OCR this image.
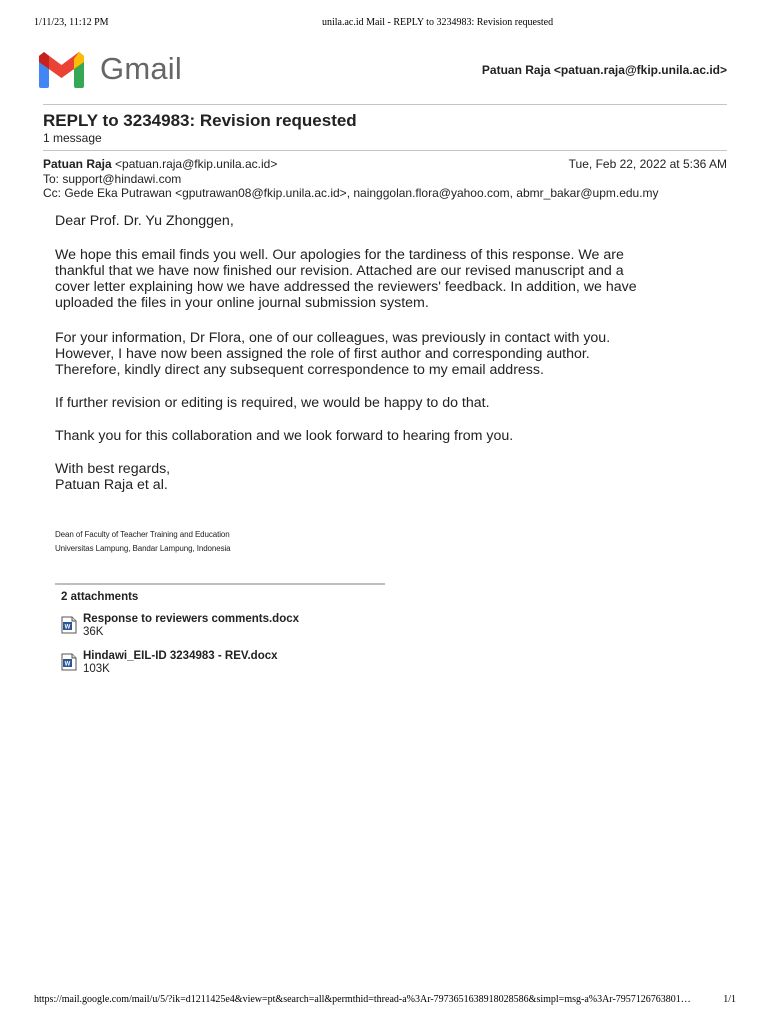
1/11/23, 11:12 PM	unila.ac.id Mail - REPLY to 3234983: Revision requested
Gmail	Patuan Raja <patuan.raja@fkip.unila.ac.id>
REPLY to 3234983: Revision requested
1 message
Patuan Raja <patuan.raja@fkip.unila.ac.id>	Tue, Feb 22, 2022 at 5:36 AM
To: support@hindawi.com
Cc: Gede Eka Putrawan <gputrawan08@fkip.unila.ac.id>, nainggolan.flora@yahoo.com, abmr_bakar@upm.edu.my

Dear Prof. Dr. Yu Zhonggen,

We hope this email finds you well. Our apologies for the tardiness of this response. We are

thankful that we have now finished our revision. Attached are our revised manuscript and a

cover letter explaining how we have addressed the reviewers' feedback. In addition, we have

uploaded the files in your online journal submission system.

For your information, Dr Flora, one of our colleagues, was previously in contact with you.

However, I have now been assigned the role of first author and corresponding author.

Therefore, kindly direct any subsequent correspondence to my email address.

If further revision or editing is required, we would be happy to do that.

Thank you for this collaboration and we look forward to hearing from you.

With best regards,

Patuan Raja et al.

Dean of Faculty of Teacher Training and Education
Universitas Lampung, Bandar Lampung, Indonesia
2 attachments
W
Response to reviewers comments.docx
36K
W
Hindawi_EIL-ID 3234983 - REV.docx
103K
https://mail.google.com/mail/u/5/?ik=d1211425e4&view=pt&search=all&permthid=thread-a%3Ar-7973651638918028586&simpl=msg-a%3Ar-7957126763801…	1/1
